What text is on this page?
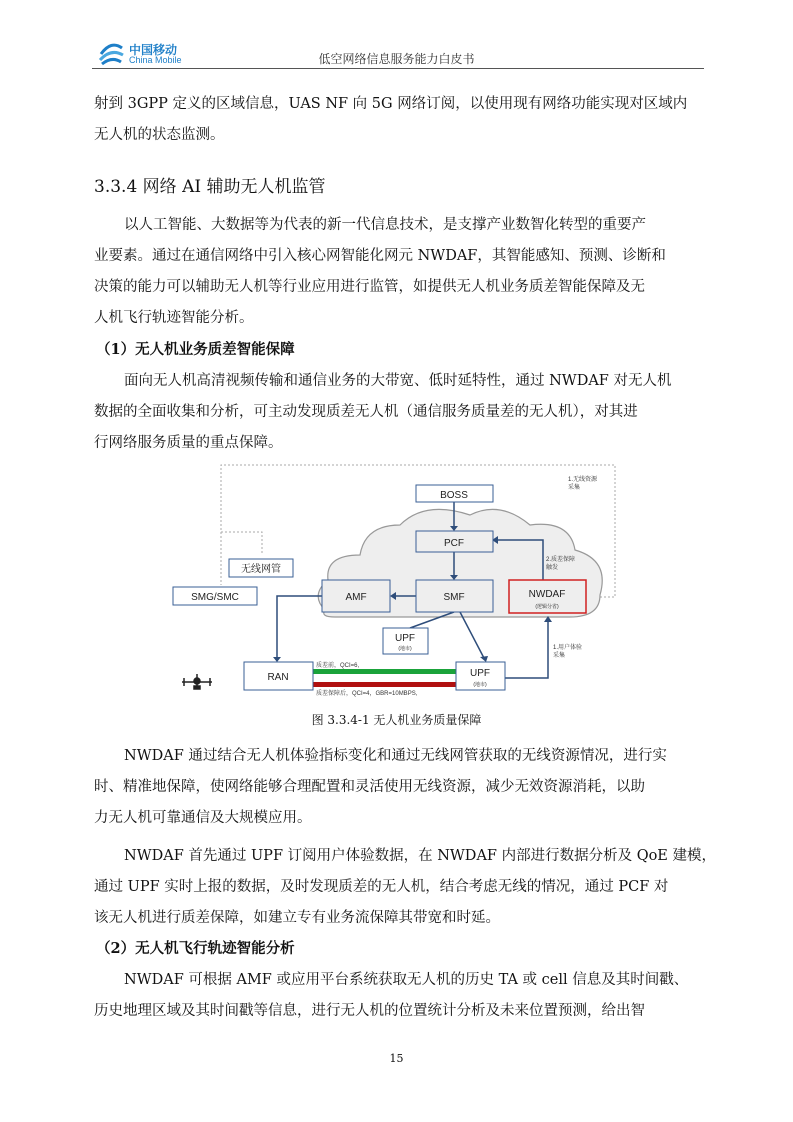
中国移动
China Mobile	低空网络信息服务能力白皮书
射到 3GPP 定义的区域信息，UAS NF 向 5G 网络订阅，以使用现有网络功能实现对区域内
无人机的状态监测。
3.3.4 网络 AI 辅助无人机监管
以人工智能、大数据等为代表的新一代信息技术，是支撑产业数智化转型的重要产
业要素。通过在通信网络中引入核心网智能化网元 NWDAF，其智能感知、预测、诊断和
决策的能力可以辅助无人机等行业应用进行监管，如提供无人机业务质差智能保障及无
人机飞行轨迹智能分析。
（1）无人机业务质差智能保障
面向无人机高清视频传输和通信业务的大带宽、低时延特性，通过 NWDAF 对无人机
数据的全面收集和分析，可主动发现质差无人机（通信服务质量差的无人机），对其进
行网络服务质量的重点保障。
BOSS
PCF
SMF
AMF	NWDAF
(逻辑分省)
无线网管
SMG/SMC
UPF
(地市)
RAN	UPF
(地市)
1.无线资源
采集
2.质差保障
触发
1.用户体验
采集
质差前，QCI=6,
质差保障后，QCI=4，GBR=10MBPS,
图 3.3.4-1 无人机业务质量保障
NWDAF 通过结合无人机体验指标变化和通过无线网管获取的无线资源情况，进行实
时、精准地保障，使网络能够合理配置和灵活使用无线资源，减少无效资源消耗，以助
力无人机可靠通信及大规模应用。
NWDAF 首先通过 UPF 订阅用户体验数据，在 NWDAF 内部进行数据分析及 QoE 建模，
通过 UPF 实时上报的数据，及时发现质差的无人机，结合考虑无线的情况，通过 PCF 对
该无人机进行质差保障，如建立专有业务流保障其带宽和时延。
（2）无人机飞行轨迹智能分析
NWDAF 可根据 AMF 或应用平台系统获取无人机的历史 TA 或 cell 信息及其时间戳、
历史地理区域及其时间戳等信息，进行无人机的位置统计分析及未来位置预测，给出智
15
